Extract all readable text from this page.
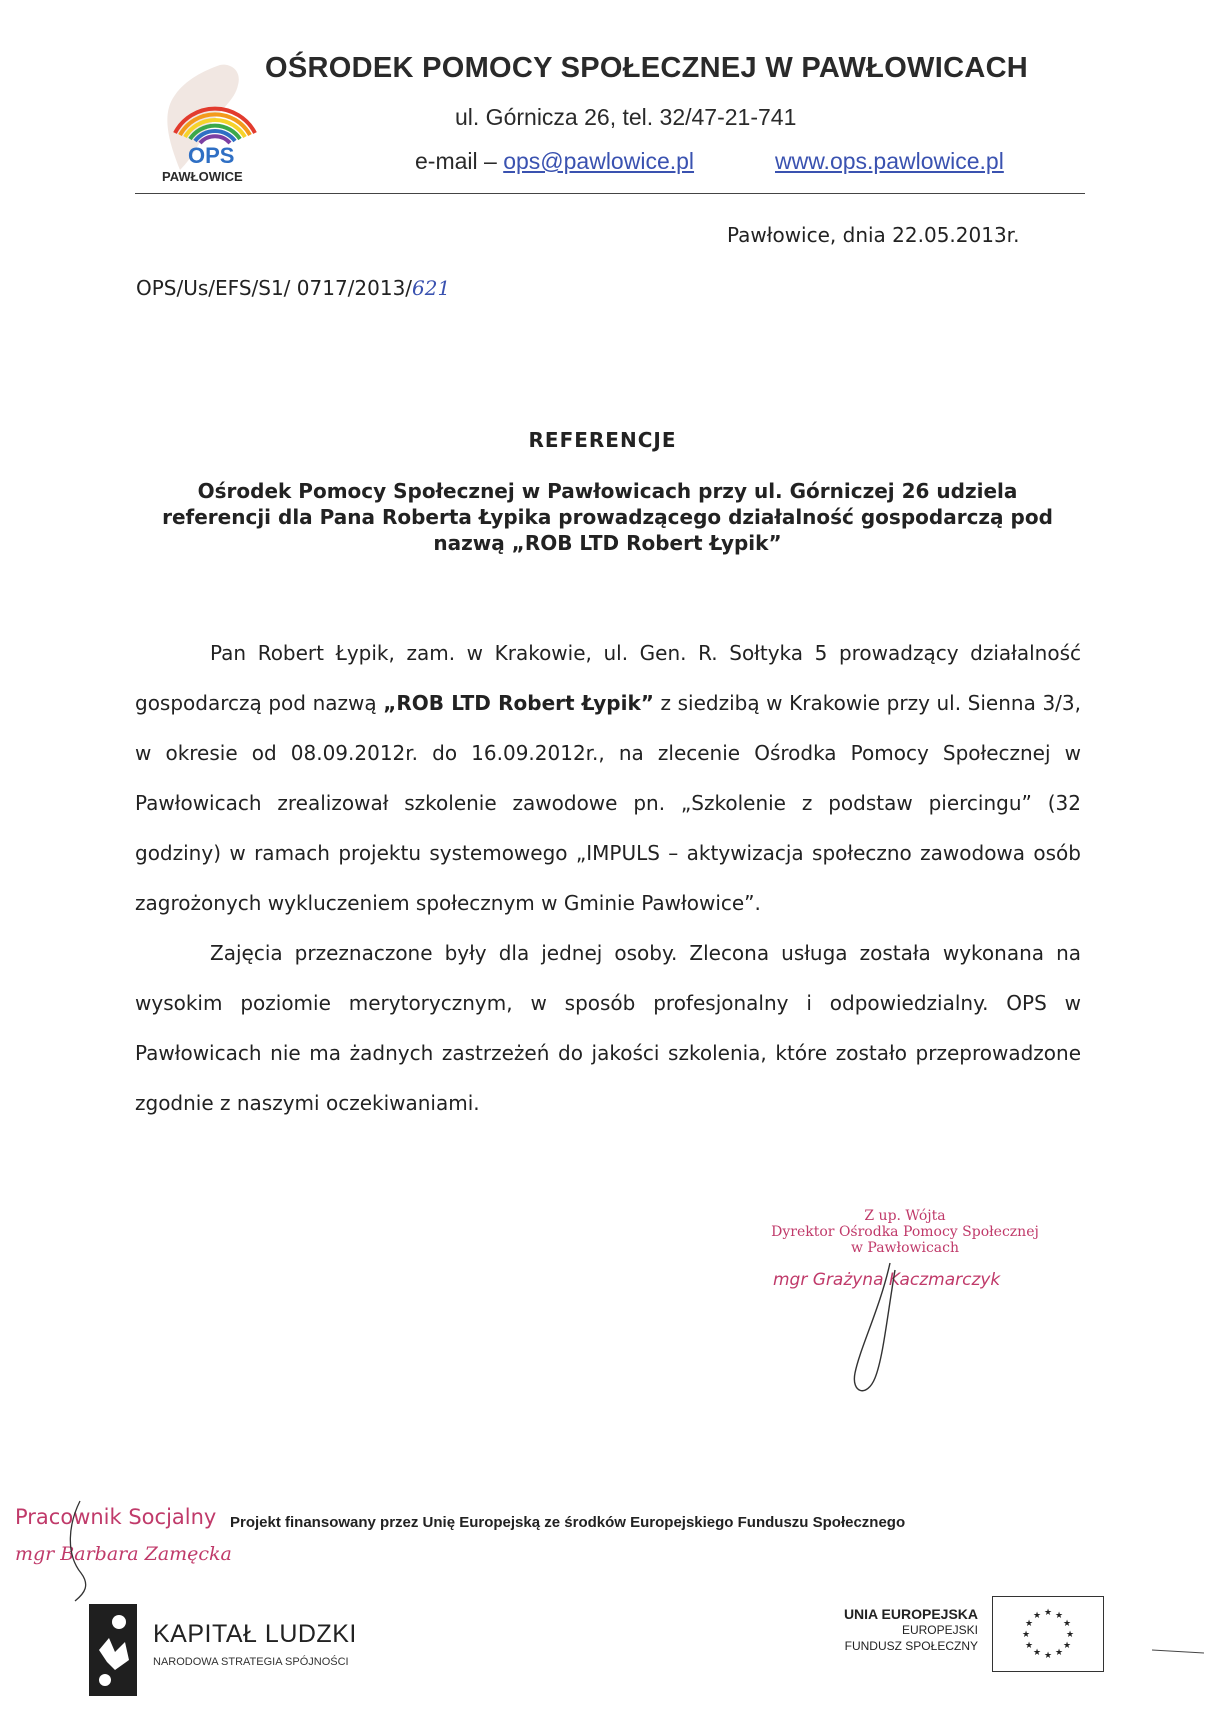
OPS
PAWŁOWICE
OŚRODEK POMOCY SPOŁECZNEJ W PAWŁOWICACH
ul. Górnicza 26, tel. 32/47-21-741
e-mail – ops@pawlowice.pl	www.ops.pawlowice.pl
Pawłowice, dnia 22.05.2013r.
OPS/Us/EFS/S1/ 0717/2013/621
REFERENCJE
Ośrodek Pomocy Społecznej w Pawłowicach przy ul. Górniczej 26 udziela
referencji dla Pana Roberta Łypika prowadzącego działalność gospodarczą pod
nazwą „ROB LTD Robert Łypik”

Pan Robert Łypik, zam. w Krakowie, ul. Gen. R. Sołtyka 5 prowadzący działalność gospodarczą pod nazwą „ROB LTD Robert Łypik” z siedzibą w Krakowie przy ul. Sienna 3/3, w okresie od 08.09.2012r. do 16.09.2012r., na zlecenie Ośrodka Pomocy Społecznej w Pawłowicach zrealizował szkolenie zawodowe pn. „Szkolenie z podstaw piercingu” (32 godziny) w ramach projektu systemowego „IMPULS – aktywizacja społeczno zawodowa osób zagrożonych wykluczeniem społecznym w Gminie Pawłowice”.

Zajęcia przeznaczone były dla jednej osoby. Zlecona usługa została wykonana na wysokim poziomie merytorycznym, w sposób profesjonalny i odpowiedzialny. OPS w Pawłowicach nie ma żadnych zastrzeżeń do jakości szkolenia, które zostało przeprowadzone zgodnie z naszymi oczekiwaniami.

Z up. Wójta
Dyrektor Ośrodka Pomocy Społecznej
w Pawłowicach
mgr Grażyna Kaczmarczyk
Pracownik Socjalny
mgr Barbara Zamęcka
Projekt finansowany przez Unię Europejską ze środków Europejskiego Funduszu Społecznego
KAPITAŁ LUDZKI
NARODOWA STRATEGIA SPÓJNOŚCI
UNIA EUROPEJSKA
EUROPEJSKI
FUNDUSZ SPOŁECZNY
★ ★
★
★
★
★
★
★
★
★
★
★
